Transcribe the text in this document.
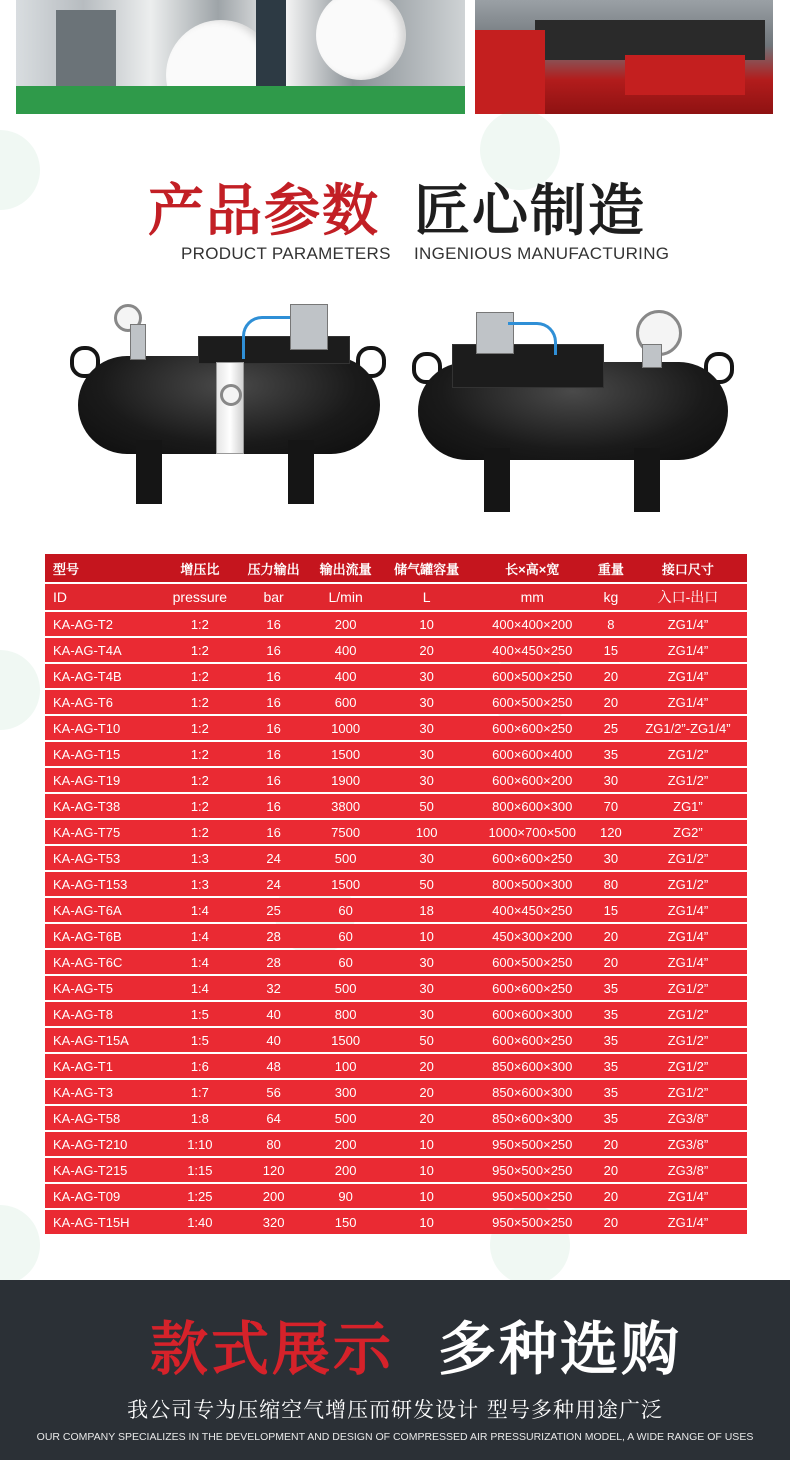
产品参数 匠心制造
PRODUCT PARAMETERS INGENIOUS MANUFACTURING
型号	增压比	压力输出	输出流量	储气罐容量	长×高×宽	重量	接口尺寸
ID	pressure	bar	L/min	L	mm	kg	入口-出口
KA-AG-T2	1:2	16	200	10	400×400×200	8	ZG1/4”
KA-AG-T4A	1:2	16	400	20	400×450×250	15	ZG1/4”
KA-AG-T4B	1:2	16	400	30	600×500×250	20	ZG1/4”
KA-AG-T6	1:2	16	600	30	600×500×250	20	ZG1/4”
KA-AG-T10	1:2	16	1000	30	600×600×250	25	ZG1/2”-ZG1/4”
KA-AG-T15	1:2	16	1500	30	600×600×400	35	ZG1/2”
KA-AG-T19	1:2	16	1900	30	600×600×200	30	ZG1/2”
KA-AG-T38	1:2	16	3800	50	800×600×300	70	ZG1”
KA-AG-T75	1:2	16	7500	100	1000×700×500	120	ZG2”
KA-AG-T53	1:3	24	500	30	600×600×250	30	ZG1/2”
KA-AG-T153	1:3	24	1500	50	800×500×300	80	ZG1/2”
KA-AG-T6A	1:4	25	60	18	400×450×250	15	ZG1/4”
KA-AG-T6B	1:4	28	60	10	450×300×200	20	ZG1/4”
KA-AG-T6C	1:4	28	60	30	600×500×250	20	ZG1/4”
KA-AG-T5	1:4	32	500	30	600×600×250	35	ZG1/2”
KA-AG-T8	1:5	40	800	30	600×600×300	35	ZG1/2”
KA-AG-T15A	1:5	40	1500	50	600×600×250	35	ZG1/2”
KA-AG-T1	1:6	48	100	20	850×600×300	35	ZG1/2”
KA-AG-T3	1:7	56	300	20	850×600×300	35	ZG1/2”
KA-AG-T58	1:8	64	500	20	850×600×300	35	ZG3/8”
KA-AG-T210	1:10	80	200	10	950×500×250	20	ZG3/8”
KA-AG-T215	1:15	120	200	10	950×500×250	20	ZG3/8”
KA-AG-T09	1:25	200	90	10	950×500×250	20	ZG1/4”
KA-AG-T15H	1:40	320	150	10	950×500×250	20	ZG1/4”
款式展示 多种选购
我公司专为压缩空气增压而研发设计 型号多种用途广泛
OUR COMPANY SPECIALIZES IN THE DEVELOPMENT AND DESIGN OF COMPRESSED AIR PRESSURIZATION MODEL, A WIDE RANGE OF USES
